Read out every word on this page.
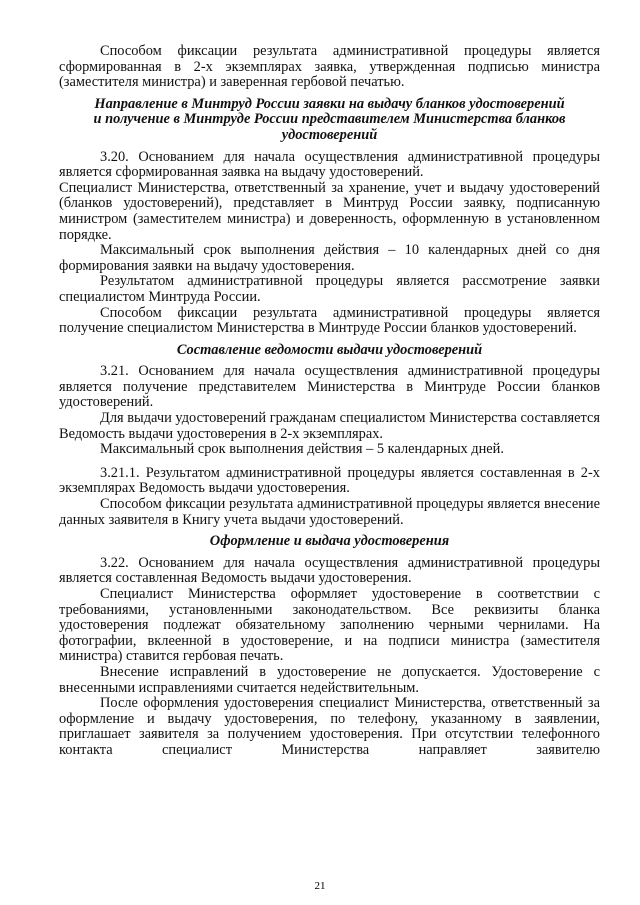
Способом фиксации результата административной процедуры является сформированная в 2-х экземплярах заявка, утвержденная подписью министра (заместителя министра) и заверенная гербовой печатью.

Направление в Минтруд России заявки на выдачу бланков удостоверений
и получение в Минтруде России представителем Министерства бланков
удостоверений

3.20. Основанием для начала осуществления административной процедуры является сформированная заявка на выдачу удостоверений.

Специалист Министерства, ответственный за хранение, учет и выдачу удостоверений (бланков удостоверений), представляет в Минтруд России заявку, подписанную министром (заместителем министра) и доверенность, оформленную в установленном порядке.

Максимальный срок выполнения действия – 10 календарных дней со дня формирования заявки на выдачу удостоверения.

Результатом административной процедуры является рассмотрение заявки специалистом Минтруда России.

Способом фиксации результата административной процедуры является получение специалистом Министерства в Минтруде России бланков удостоверений.

Составление ведомости выдачи удостоверений

3.21. Основанием для начала осуществления административной процедуры является получение представителем Министерства в Минтруде России бланков удостоверений.

Для выдачи удостоверений гражданам специалистом Министерства составляется Ведомость выдачи удостоверения в 2-х экземплярах.

Максимальный срок выполнения действия – 5 календарных дней.

3.21.1. Результатом административной процедуры является составленная в 2-х экземплярах Ведомость выдачи удостоверения.

Способом фиксации результата административной процедуры является внесение данных заявителя в Книгу учета выдачи удостоверений.

Оформление и выдача удостоверения

3.22. Основанием для начала осуществления административной процедуры является составленная Ведомость выдачи удостоверения.

Специалист Министерства оформляет удостоверение в соответствии с требованиями, установленными законодательством. Все реквизиты бланка удостоверения подлежат обязательному заполнению черными чернилами. На фотографии, вклеенной в удостоверение, и на подписи министра (заместителя министра) ставится гербовая печать.

Внесение исправлений в удостоверение не допускается. Удостоверение с внесенными исправлениями считается недействительным.

После оформления удостоверения специалист Министерства, ответственный за оформление и выдачу удостоверения, по телефону, указанному в заявлении, приглашает заявителя за получением удостоверения. При отсутствии телефонного контакта специалист Министерства направляет заявителю

21
